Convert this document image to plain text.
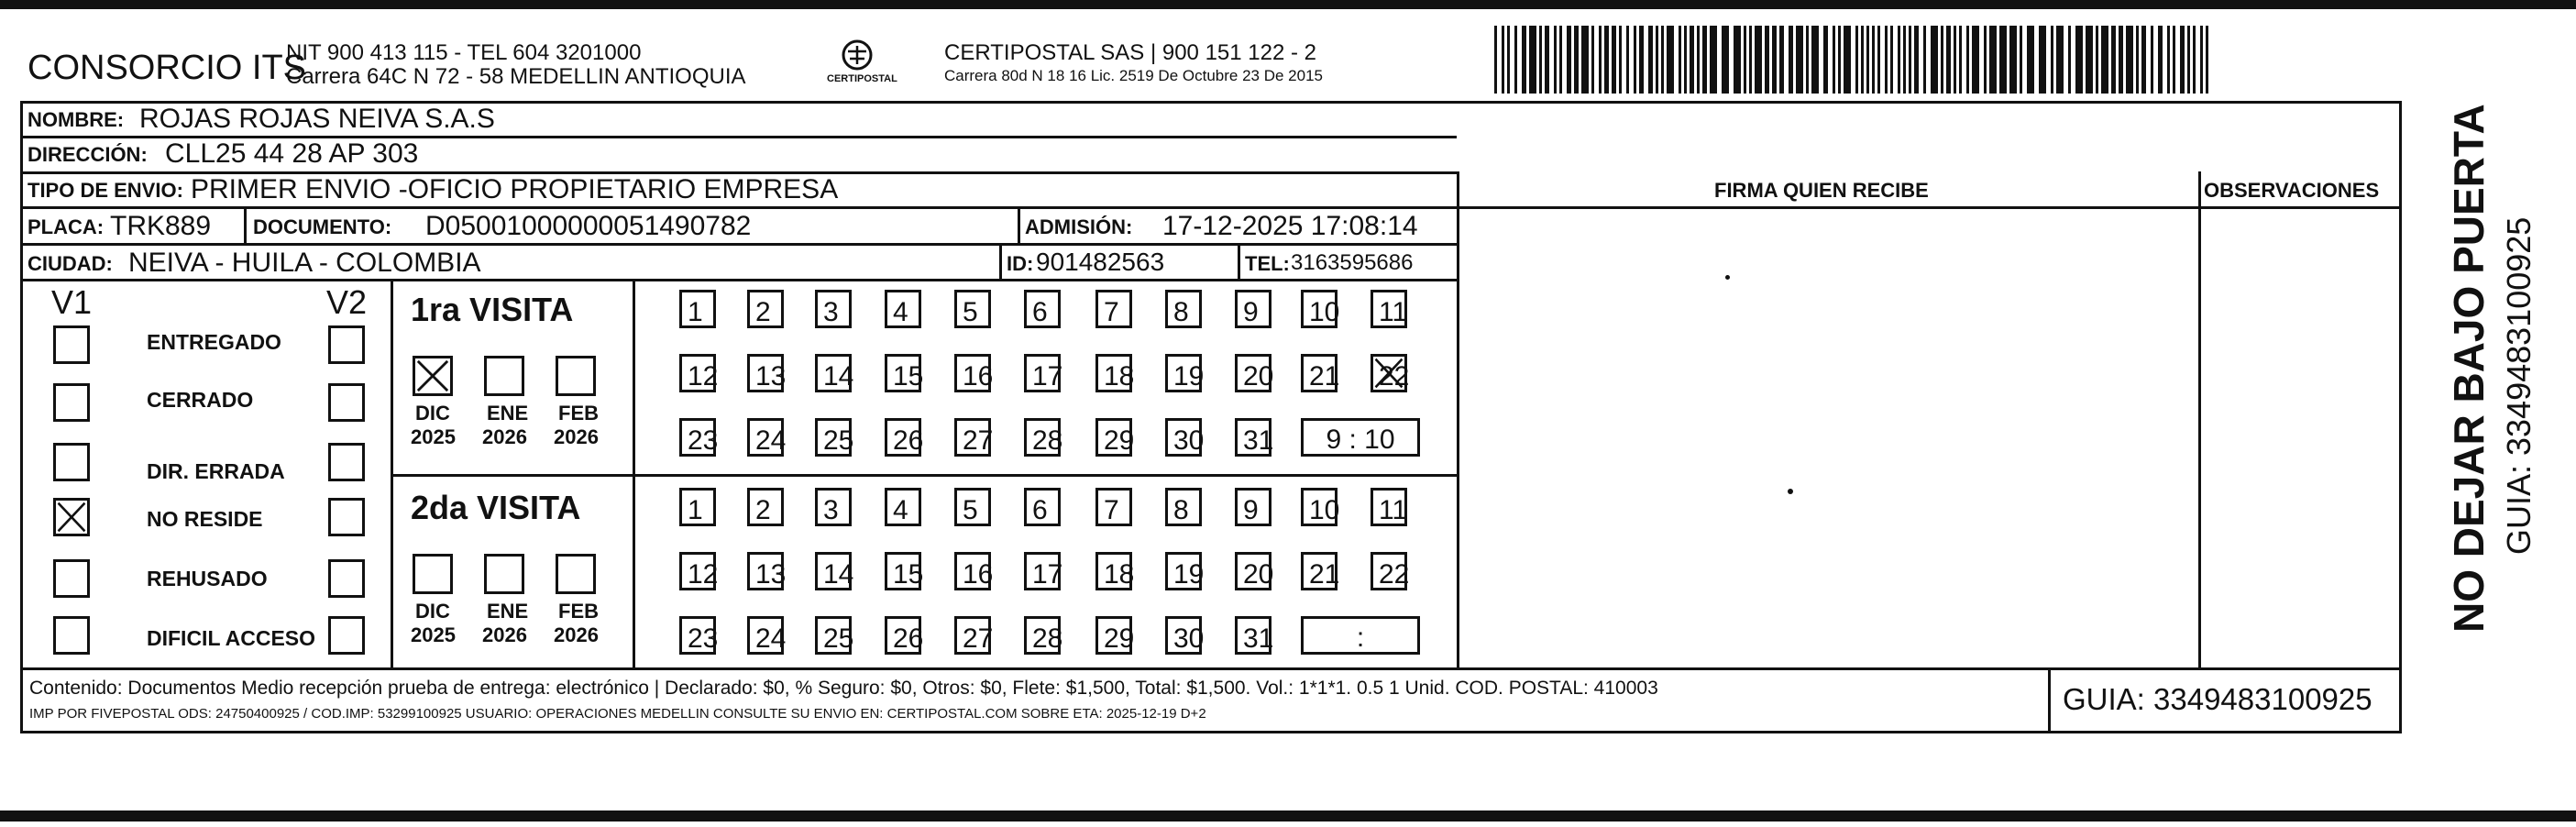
CONSORCIO ITS
NIT 900 413 115 - TEL 604 3201000
Carrera 64C N 72 - 58 MEDELLIN ANTIOQUIA	CERTIPOSTAL
CERTIPOSTAL SAS | 900 151 122 - 2
Carrera 80d N 18 16 Lic. 2519 De Octubre 23 De 2015
NOMBRE: ROJAS ROJAS NEIVA S.A.S
DIRECCIÓN: CLL25 44 28 AP 303
TIPO DE ENVIO: PRIMER ENVIO -OFICIO PROPIETARIO EMPRESA	FIRMA QUIEN RECIBE	OBSERVACIONES
PLACA: TRK889 DOCUMENTO: D05001000000051490782	ADMISIÓN: 17-12-2025 17:08:14
CIUDAD: NEIVA - HUILA - COLOMBIA	ID: 901482563	TEL: 3163595686
V1	V2
ENTREGADO
CERRADO
DIR. ERRADA
NO RESIDE
REHUSADO
DIFICIL ACCESO
1ra VISITA
DIC
2025
ENE
2026
FEB
2026
1	2	3	4	5	6	7	8	9	10	11
12	13	14	15	16	17	18	19	20	21	22
23	24	25	26	27	28	29	30	31	9 : 10
2da VISITA
DIC
2025
ENE
2026
FEB
2026
1	2	3	4	5	6	7	8	9	10	11
12	13	14	15	16	17	18	19	20	21	22
23	24	25	26	27	28	29	30	31	:
Contenido: Documentos Medio recepción prueba de entrega: electrónico | Declarado: $0, % Seguro: $0, Otros: $0, Flete: $1,500, Total: $1,500. Vol.: 1*1*1. 0.5 1 Unid. COD. POSTAL: 410003
IMP POR FIVEPOSTAL ODS: 24750400925 / COD.IMP: 53299100925 USUARIO: OPERACIONES MEDELLIN CONSULTE SU ENVIO EN: CERTIPOSTAL.COM SOBRE ETA: 2025-12-19 D+2	GUIA: 3349483100925
NO DEJAR BAJO PUERTA GUIA: 3349483100925
